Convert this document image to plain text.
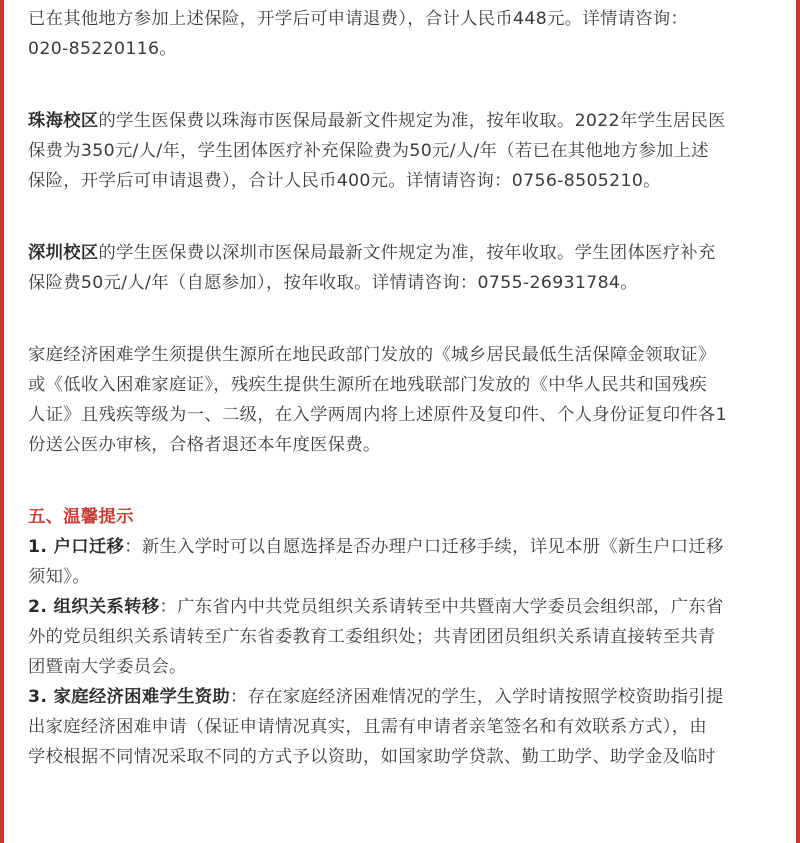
已在其他地方参加上述保险，开学后可申请退费），合计人民币448元。详情请咨询：

020-85220116。

珠海校区的学生医保费以珠海市医保局最新文件规定为准，按年收取。2022年学生居民医

保费为350元/人/年，学生团体医疗补充保险费为50元/人/年（若已在其他地方参加上述

保险，开学后可申请退费），合计人民币400元。详情请咨询：0756-8505210。

深圳校区的学生医保费以深圳市医保局最新文件规定为准，按年收取。学生团体医疗补充

保险费50元/人/年（自愿参加），按年收取。详情请咨询：0755-26931784。

家庭经济困难学生须提供生源所在地民政部门发放的《城乡居民最低生活保障金领取证》

或《低收入困难家庭证》，残疾生提供生源所在地残联部门发放的《中华人民共和国残疾

人证》且残疾等级为一、二级，在入学两周内将上述原件及复印件、个人身份证复印件各1

份送公医办审核，合格者退还本年度医保费。

五、温馨提示

1. 户口迁移：新生入学时可以自愿选择是否办理户口迁移手续，详见本册《新生户口迁移

须知》。

2. 组织关系转移：广东省内中共党员组织关系请转至中共暨南大学委员会组织部，广东省

外的党员组织关系请转至广东省委教育工委组织处；共青团团员组织关系请直接转至共青

团暨南大学委员会。

3. 家庭经济困难学生资助：存在家庭经济困难情况的学生，入学时请按照学校资助指引提

出家庭经济困难申请（保证申请情况真实，且需有申请者亲笔签名和有效联系方式），由

学校根据不同情况采取不同的方式予以资助，如国家助学贷款、勤工助学、助学金及临时
